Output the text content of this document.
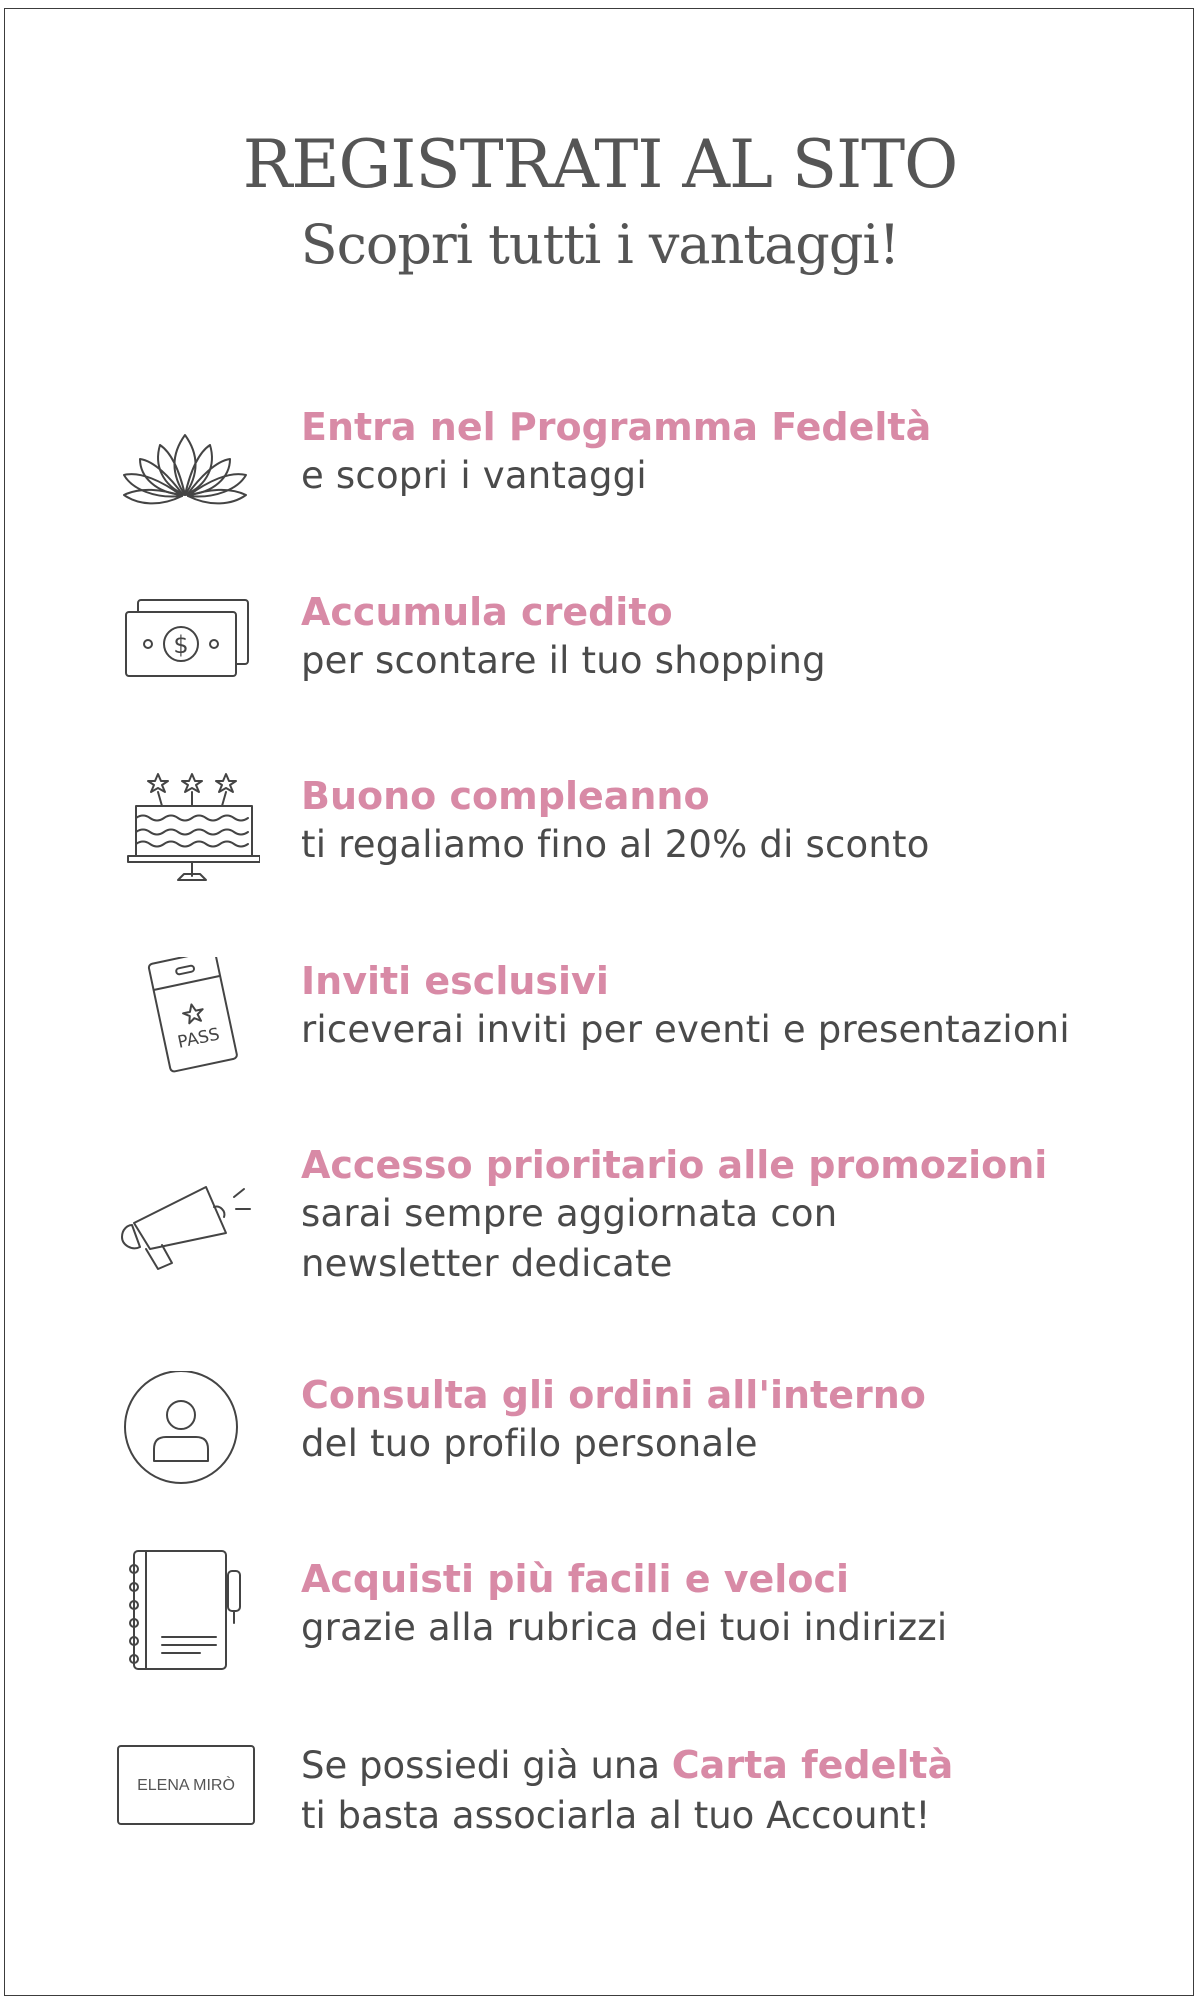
REGISTRATI AL SITO
Scopri tutti i vantaggi!
Entra nel Programma Fedeltà
e scopri i vantaggi
$
Accumula credito
per scontare il tuo shopping
Buono compleanno
ti regaliamo fino al 20% di sconto
PASS
Inviti esclusivi
riceverai inviti per eventi e presentazioni
Accesso prioritario alle promozioni
sarai sempre aggiornata con newsletter dedicate
Consulta gli ordini all'interno
del tuo profilo personale
Acquisti più facili e veloci
grazie alla rubrica dei tuoi indirizzi
ELENA MIRÒ Se possiedi già una Carta fedeltà
ti basta associarla al tuo Account!
